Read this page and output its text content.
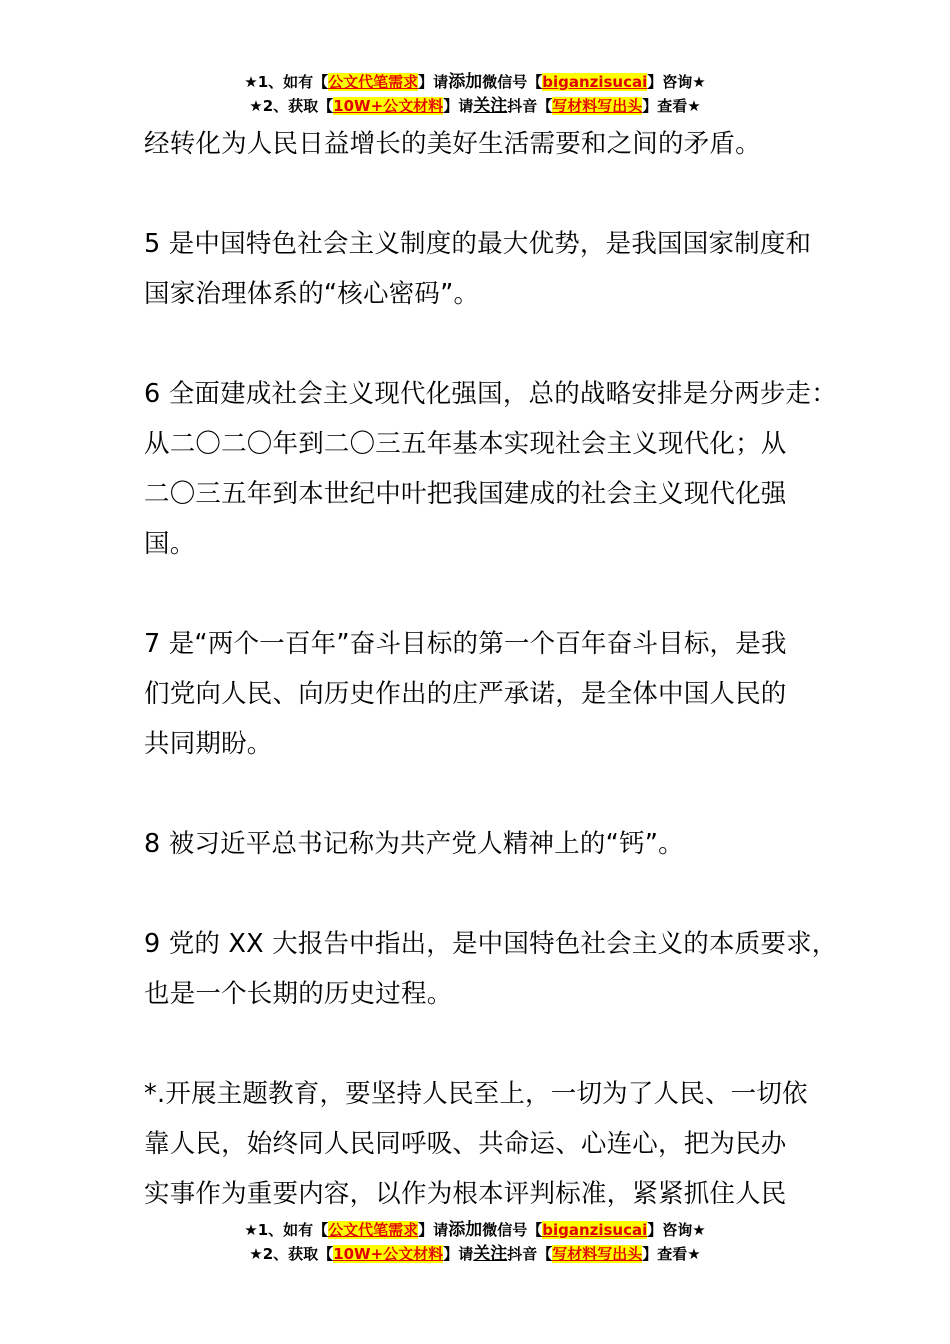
★1、如有【公文代笔需求】请添加微信号【biganzisucai】咨询★
★2、获取【10W+公文材料】请关注抖音【写材料写出头】查看★

经转化为人民日益增长的美好生活需要和之间的矛盾。

5 是中国特色社会主义制度的最大优势，是我国国家制度和
国家治理体系的“核心密码”。

6 全面建成社会主义现代化强国，总的战略安排是分两步走：
从二〇二〇年到二〇三五年基本实现社会主义现代化；从
二〇三五年到本世纪中叶把我国建成的社会主义现代化强
国。

7 是“两个一百年”奋斗目标的第一个百年奋斗目标，是我
们党向人民、向历史作出的庄严承诺，是全体中国人民的
共同期盼。

8 被习近平总书记称为共产党人精神上的“钙”。

9 党的 XX 大报告中指出，是中国特色社会主义的本质要求，
也是一个长期的历史过程。

*.开展主题教育，要坚持人民至上，一切为了人民、一切依
靠人民，始终同人民同呼吸、共命运、心连心，把为民办
实事作为重要内容，以作为根本评判标准，紧紧抓住人民

★1、如有【公文代笔需求】请添加微信号【biganzisucai】咨询★
★2、获取【10W+公文材料】请关注抖音【写材料写出头】查看★
